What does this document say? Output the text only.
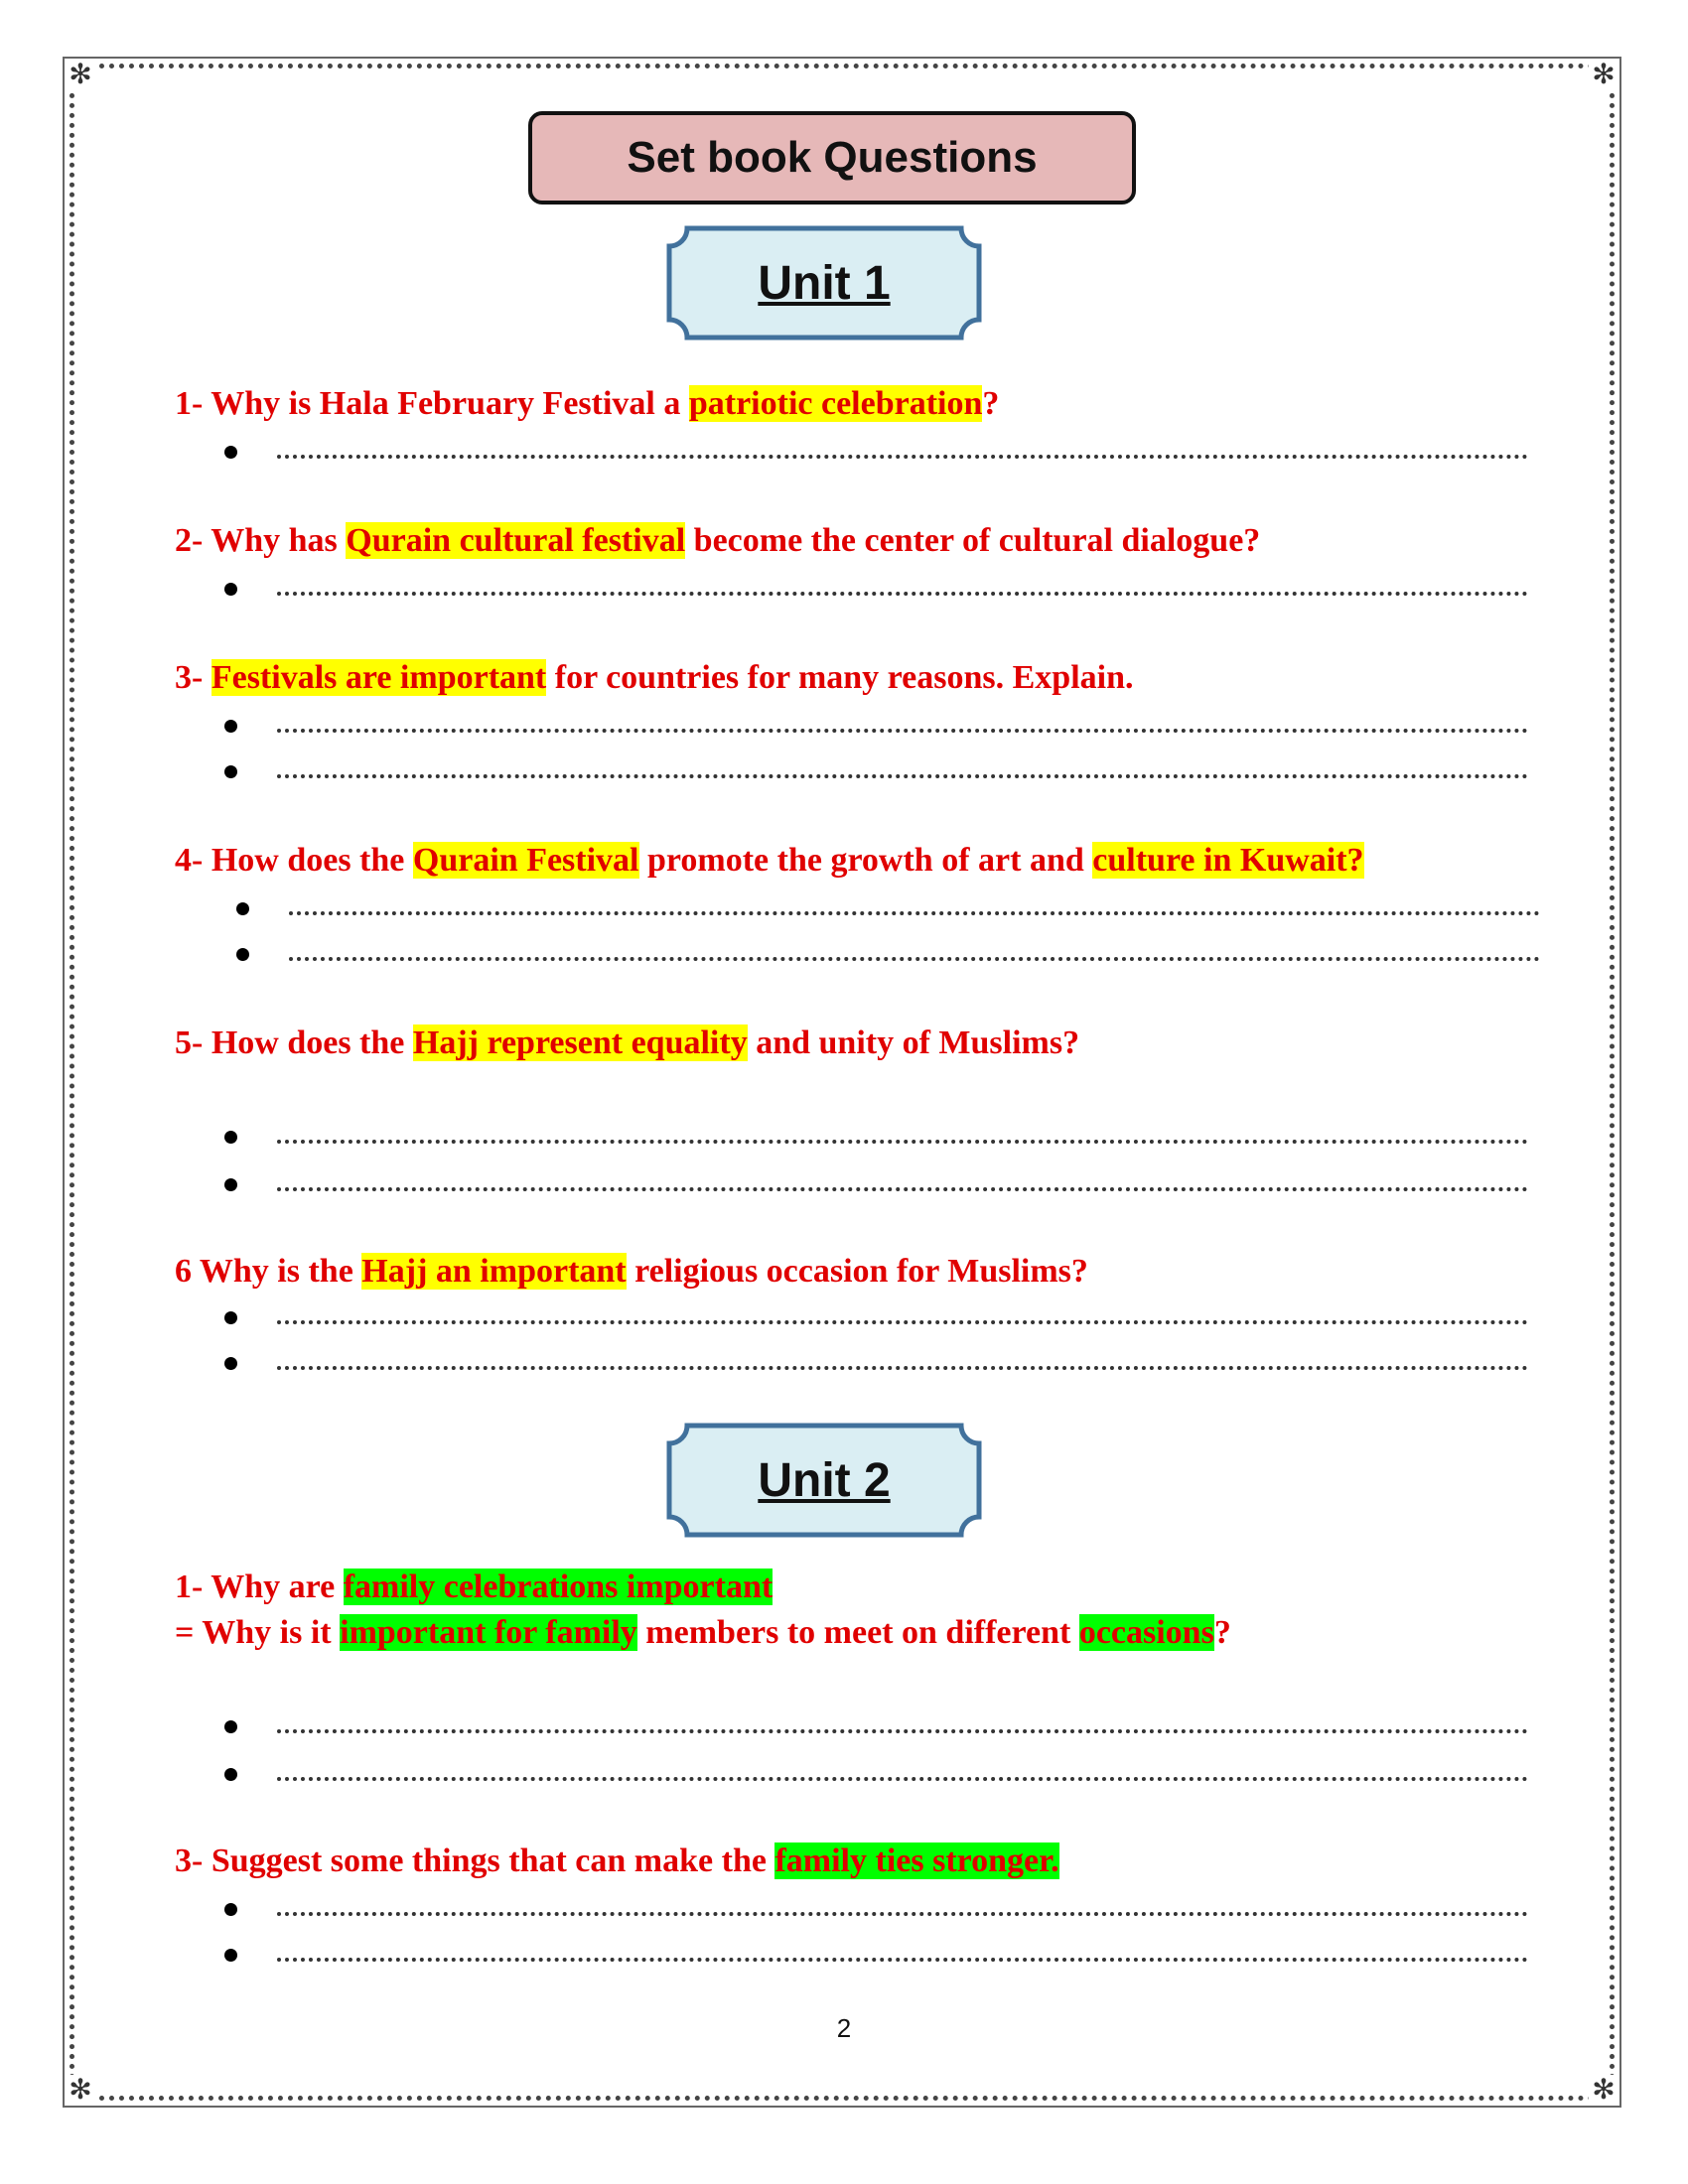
✻	✻
✻	✻
Set book Questions
Unit 1
1- Why is Hala February Festival a patriotic celebration?
2- Why has Qurain cultural festival become the center of cultural dialogue?
3- Festivals are important for countries for many reasons. Explain.
4- How does the Qurain Festival promote the growth of art and culture in Kuwait?
5- How does the Hajj represent equality and unity of Muslims?
6 Why is the Hajj an important religious occasion for Muslims?
Unit 2
1- Why are family celebrations important
= Why is it important for family members to meet on different occasions?
3- Suggest some things that can make the family ties stronger.
2
